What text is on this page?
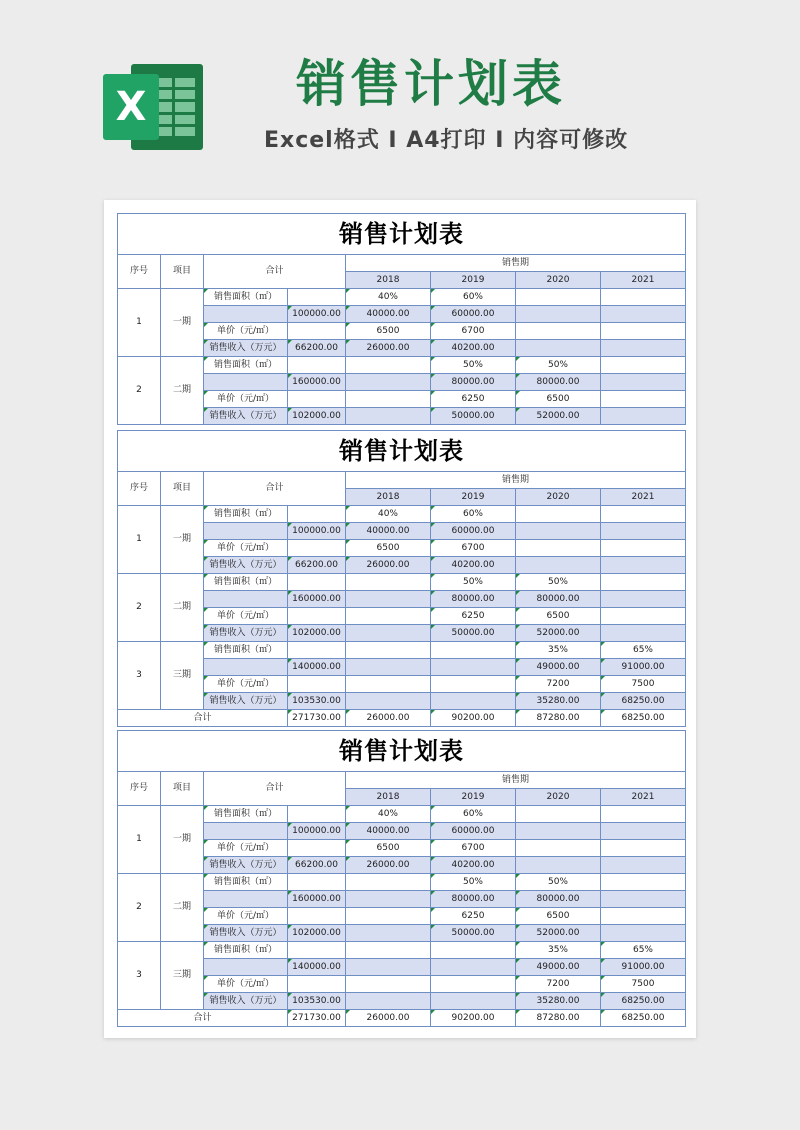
X	销售计划表
Excel格式 I A4打印 I 内容可修改
销售计划表							
序号	项目	合计		销售期			
				2018	2019	2020	2021
1	一期	销售面积（㎡）		40%	60%		
			100000.00	40000.00	60000.00		
		单价（元/㎡）		6500	6700		
		销售收入（万元）	66200.00	26000.00	40200.00		
2	二期	销售面积（㎡）			50%	50%	
			160000.00		80000.00	80000.00	
		单价（元/㎡）			6250	6500	
		销售收入（万元）	102000.00		50000.00	52000.00	
销售计划表							
序号	项目	合计		销售期			
				2018	2019	2020	2021
1	一期	销售面积（㎡）		40%	60%		
			100000.00	40000.00	60000.00		
		单价（元/㎡）		6500	6700		
		销售收入（万元）	66200.00	26000.00	40200.00		
2	二期	销售面积（㎡）			50%	50%	
			160000.00		80000.00	80000.00	
		单价（元/㎡）			6250	6500	
		销售收入（万元）	102000.00		50000.00	52000.00	
3	三期	销售面积（㎡）				35%	65%
			140000.00			49000.00	91000.00
		单价（元/㎡）				7200	7500
		销售收入（万元）	103530.00			35280.00	68250.00
合计			271730.00	26000.00	90200.00	87280.00	68250.00
销售计划表							
序号	项目	合计		销售期			
				2018	2019	2020	2021
1	一期	销售面积（㎡）		40%	60%		
			100000.00	40000.00	60000.00		
		单价（元/㎡）		6500	6700		
		销售收入（万元）	66200.00	26000.00	40200.00		
2	二期	销售面积（㎡）			50%	50%	
			160000.00		80000.00	80000.00	
		单价（元/㎡）			6250	6500	
		销售收入（万元）	102000.00		50000.00	52000.00	
3	三期	销售面积（㎡）				35%	65%
			140000.00			49000.00	91000.00
		单价（元/㎡）				7200	7500
		销售收入（万元）	103530.00			35280.00	68250.00
合计			271730.00	26000.00	90200.00	87280.00	68250.00
